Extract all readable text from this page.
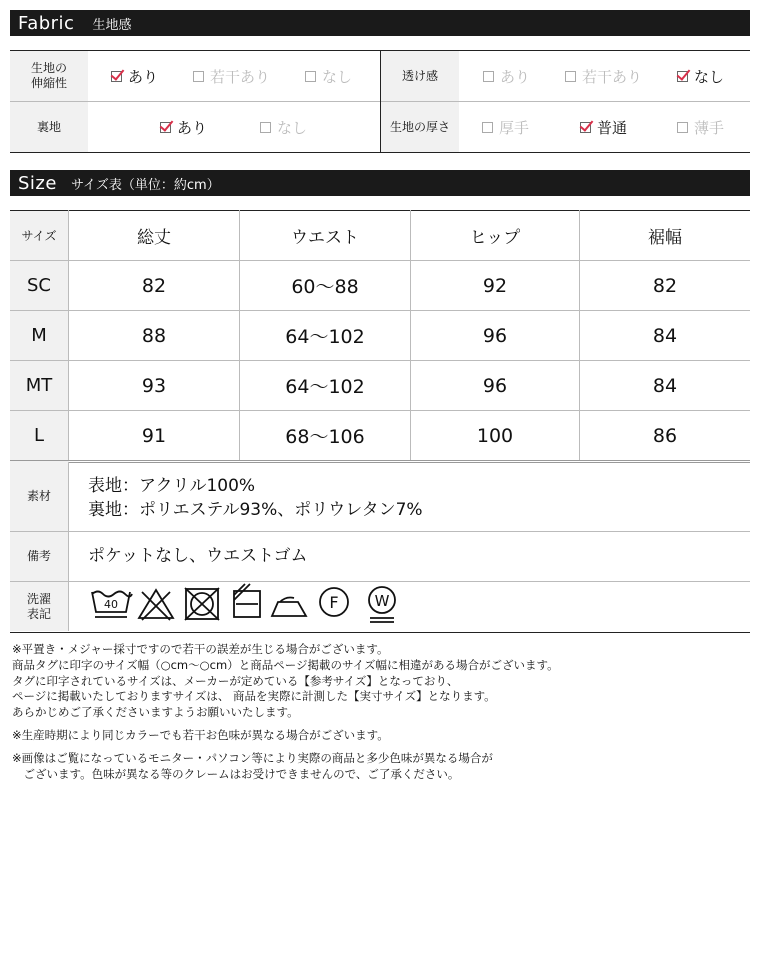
Fabric 生地感
生地の伸縮性	あり	若干あり	なし	透け感	あり	若干あり	なし
裏地	あり	なし	生地の厚さ	厚手	普通	薄手
Size サイズ表（単位：約cm）
サイズ	総丈	ウエスト	ヒップ	裾幅
SC	82	60〜88	92	82
M	88	64〜102	96	84
MT	93	64〜102	96	84
L	91	68〜106	100	86
素材	表地：アクリル100%
裏地：ポリエステル93%、ポリウレタン7%
備考	ポケットなし、ウエストゴム
洗濯表記
40	F W
※平置き・メジャー採寸ですので若干の誤差が生じる場合がございます。
商品タグに印字のサイズ幅（○cm〜○cm）と商品ページ掲載のサイズ幅に相違がある場合がございます。
タグに印字されているサイズは、メーカーが定めている【参考サイズ】となっており、
ページに掲載いたしておりますサイズは、 商品を実際に計測した【実寸サイズ】となります。
あらかじめご了承くださいますようお願いいたします。
※生産時期により同じカラーでも若干お色味が異なる場合がございます。
※画像はご覧になっているモニター・パソコン等により実際の商品と多少色味が異なる場合が
　ございます。色味が異なる等のクレームはお受けできませんので、ご了承ください。
